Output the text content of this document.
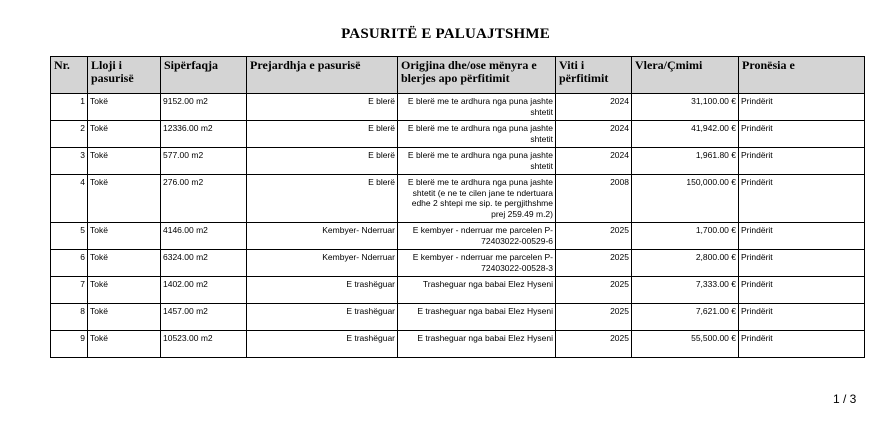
PASURITË E PALUAJTSHME
Nr.	Lloji i pasurisë	Sipërfaqja	Prejardhja e pasurisë	Origjina dhe/ose mënyra e blerjes apo përfitimit	Viti i përfitimit	Vlera/Çmimi	Pronësia e
1	Tokë	9152.00 m2	E blerë	E blerë me te ardhura nga puna jashte shtetit	2024	31,100.00 €	Prindërit
2	Tokë	12336.00 m2	E blerë	E blerë me te ardhura nga puna jashte shtetit	2024	41,942.00 €	Prindërit
3	Tokë	577.00 m2	E blerë	E blerë me te ardhura nga puna jashte shtetit	2024	1,961.80 €	Prindërit
4	Tokë	276.00 m2	E blerë	E blerë me te ardhura nga puna jashte shtetit (e ne te cilen jane te ndertuara edhe 2 shtepi me sip. te pergjithshme prej 259.49 m.2)	2008	150,000.00 €	Prindërit
5	Tokë	4146.00 m2	Kembyer- Nderruar	E kembyer - nderruar me parcelen P-72403022-00529-6	2025	1,700.00 €	Prindërit
6	Tokë	6324.00 m2	Kembyer- Nderruar	E kembyer - nderruar me parcelen P-72403022-00528-3	2025	2,800.00 €	Prindërit
7	Tokë	1402.00 m2	E trashëguar	Trasheguar nga babai Elez Hyseni	2025	7,333.00 €	Prindërit
8	Tokë	1457.00 m2	E trashëguar	E trasheguar nga babai Elez Hyseni	2025	7,621.00 €	Prindërit
9	Tokë	10523.00 m2	E trashëguar	E trasheguar nga babai Elez Hyseni	2025	55,500.00 €	Prindërit
1 / 3
